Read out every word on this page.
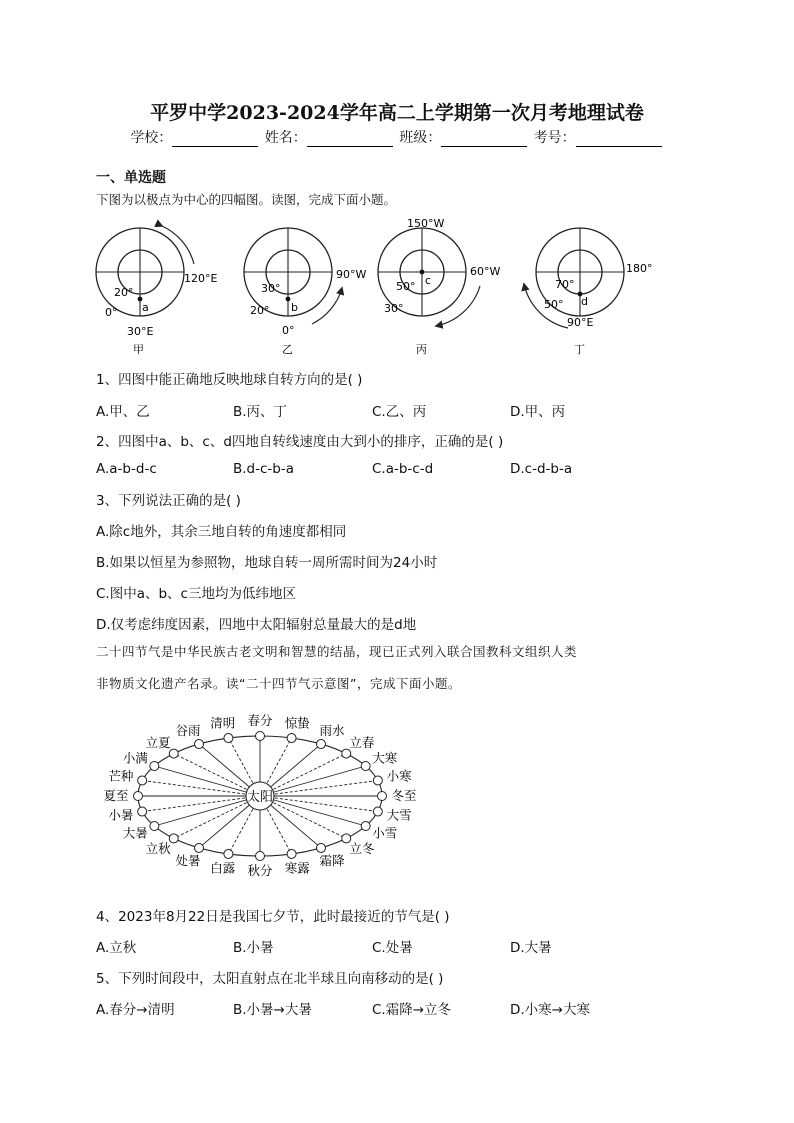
平罗中学2023-2024学年高二上学期第一次月考地理试卷
学校：	姓名：	班级：	考号：
一、单选题
下图为以极点为中心的四幅图。读图，完成下面小题。
120°E
20°
a
0°
30°E
甲
90°W
30°
b
20°
0°
乙
150°W
60°W
50° c
30°
丙
180°
70°
50° d
90°E
丁
1、四图中能正确地反映地球自转方向的是( )
A.甲、乙	B.丙、丁	C.乙、丙	D.甲、丙
2、四图中a、b、c、d四地自转线速度由大到小的排序，正确的是( )
A.a-b-d-c	B.d-c-b-a	C.a-b-c-d	D.c-d-b-a
3、下列说法正确的是( )
A.除c地外，其余三地自转的角速度都相同
B.如果以恒星为参照物，地球自转一周所需时间为24小时
C.图中a、b、c三地均为低纬地区
D.仅考虑纬度因素，四地中太阳辐射总量最大的是d地
二十四节气是中华民族古老文明和智慧的结晶，现已正式列入联合国教科文组织人类
非物质文化遗产名录。读“二十四节气示意图”，完成下面小题。
太阳	冬至
小寒
大寒
立春
雨水
惊蛰
春分
清明
谷雨
立夏
小满
芒种
夏至
小暑
大暑
立秋
处暑 白露 秋分 寒露 霜降
立冬
小雪
大雪
4、2023年8月22日是我国七夕节，此时最接近的节气是( )
A.立秋	B.小暑	C.处暑	D.大暑
5、下列时间段中，太阳直射点在北半球且向南移动的是( )
A.春分→清明	B.小暑→大暑	C.霜降→立冬	D.小寒→大寒
